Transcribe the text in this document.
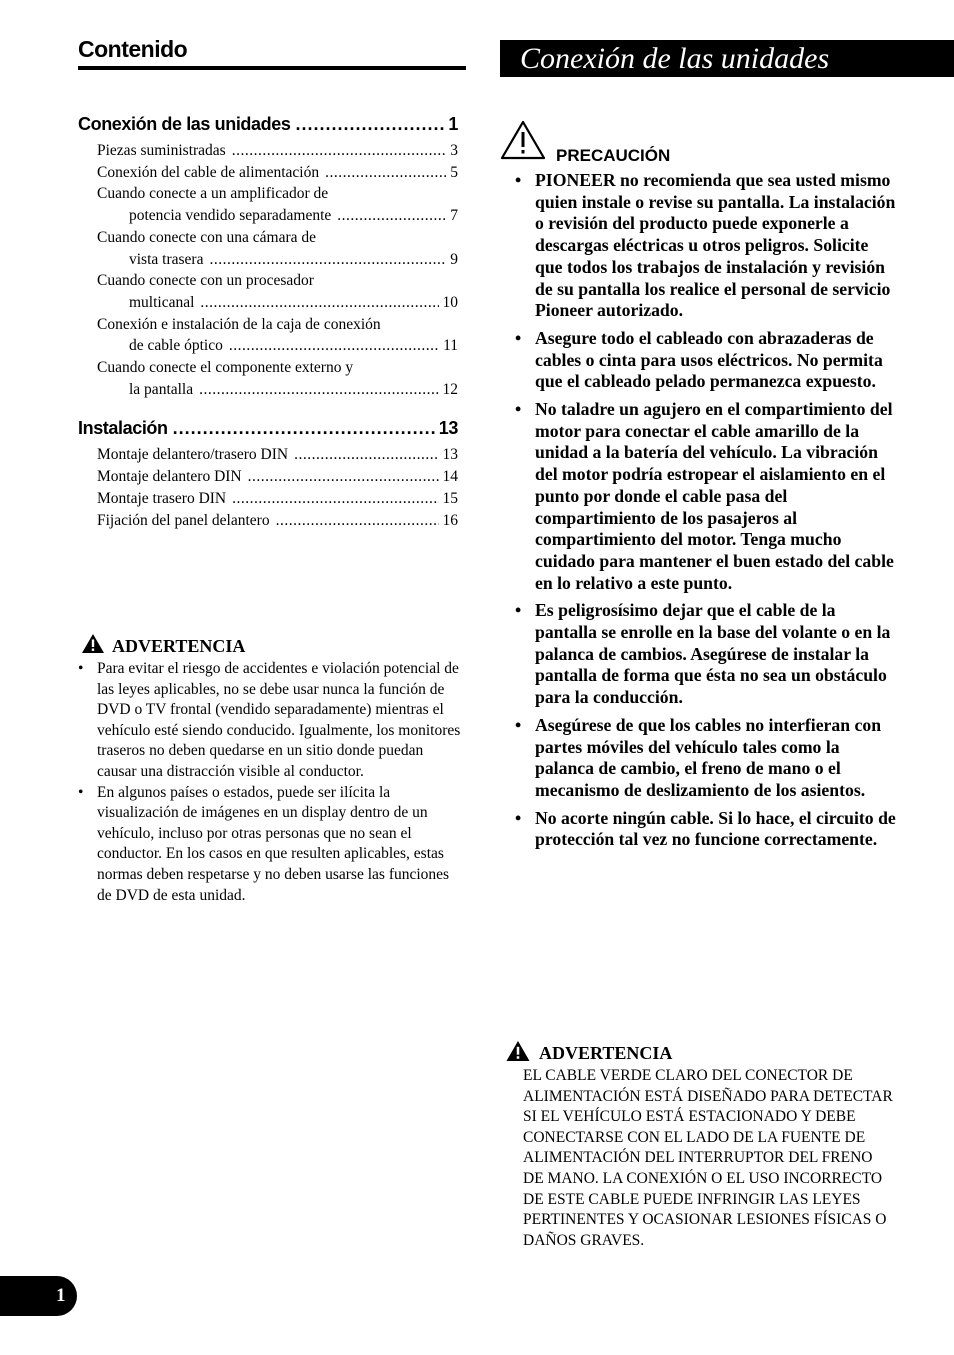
Contenido
Conexión de las unidades .....	1
Piezas suministradas .....	3
Conexión del cable de alimentación .....	5
Cuando conecte a un amplificador de
potencia vendido separadamente .....	7
Cuando conecte con una cámara de
vista trasera .....	9
Cuando conecte con un procesador
multicanal .....	10
Conexión e instalación de la caja de conexión
de cable óptico .....	11
Cuando conecte el componente externo y
la pantalla .....	12
Instalación .....	13
Montaje delantero/trasero DIN .....	13
Montaje delantero DIN .....	14
Montaje trasero DIN .....	15
Fijación del panel delantero .....	16
ADVERTENCIA
• Para evitar el riesgo de accidentes e violación potencial de las leyes aplicables, no se debe usar nunca la función de DVD o TV frontal (vendido separadamente) mientras el vehículo esté siendo conducido. Igualmente, los monitores traseros no deben quedarse en un sitio donde puedan causar una distracción visible al conductor.
• En algunos países o estados, puede ser ilícita la visualización de imágenes en un display dentro de un vehículo, incluso por otras personas que no sean el conductor. En los casos en que resulten aplicables, estas normas deben respetarse y no deben usarse las funciones de DVD de esta unidad.
Conexión de las unidades
PRECAUCIÓN
• PIONEER no recomienda que sea usted mismo quien instale o revise su pantalla. La instalación o revisión del producto puede exponerle a descargas eléctricas u otros peligros. Solicite que todos los trabajos de instalación y revisión de su pantalla los realice el personal de servicio Pioneer autorizado.
• Asegure todo el cableado con abrazaderas de cables o cinta para usos eléctricos. No permita que el cableado pelado permanezca expuesto.
• No taladre un agujero en el compartimiento del motor para conectar el cable amarillo de la unidad a la batería del vehículo. La vibración del motor podría estropear el aislamiento en el punto por donde el cable pasa del compartimiento de los pasajeros al compartimiento del motor. Tenga mucho cuidado para mantener el buen estado del cable en lo relativo a este punto.
• Es peligrosísimo dejar que el cable de la pantalla se enrolle en la base del volante o en la palanca de cambios. Asegúrese de instalar la pantalla de forma que ésta no sea un obstáculo para la conducción.
• Asegúrese de que los cables no interfieran con partes móviles del vehículo tales como la palanca de cambio, el freno de mano o el mecanismo de deslizamiento de los asientos.
• No acorte ningún cable. Si lo hace, el circuito de protección tal vez no funcione correctamente.
ADVERTENCIA
EL CABLE VERDE CLARO DEL CONECTOR DE ALIMENTACIÓN ESTÁ DISEÑADO PARA DETECTAR SI EL VEHÍCULO ESTÁ ESTACIONADO Y DEBE CONECTARSE CON EL LADO DE LA FUENTE DE ALIMENTACIÓN DEL INTERRUPTOR DEL FRENO DE MANO. LA CONEXIÓN O EL USO INCORRECTO DE ESTE CABLE PUEDE INFRINGIR LAS LEYES PERTINENTES Y OCASIONAR LESIONES FÍSICAS O DAÑOS GRAVES.
1
